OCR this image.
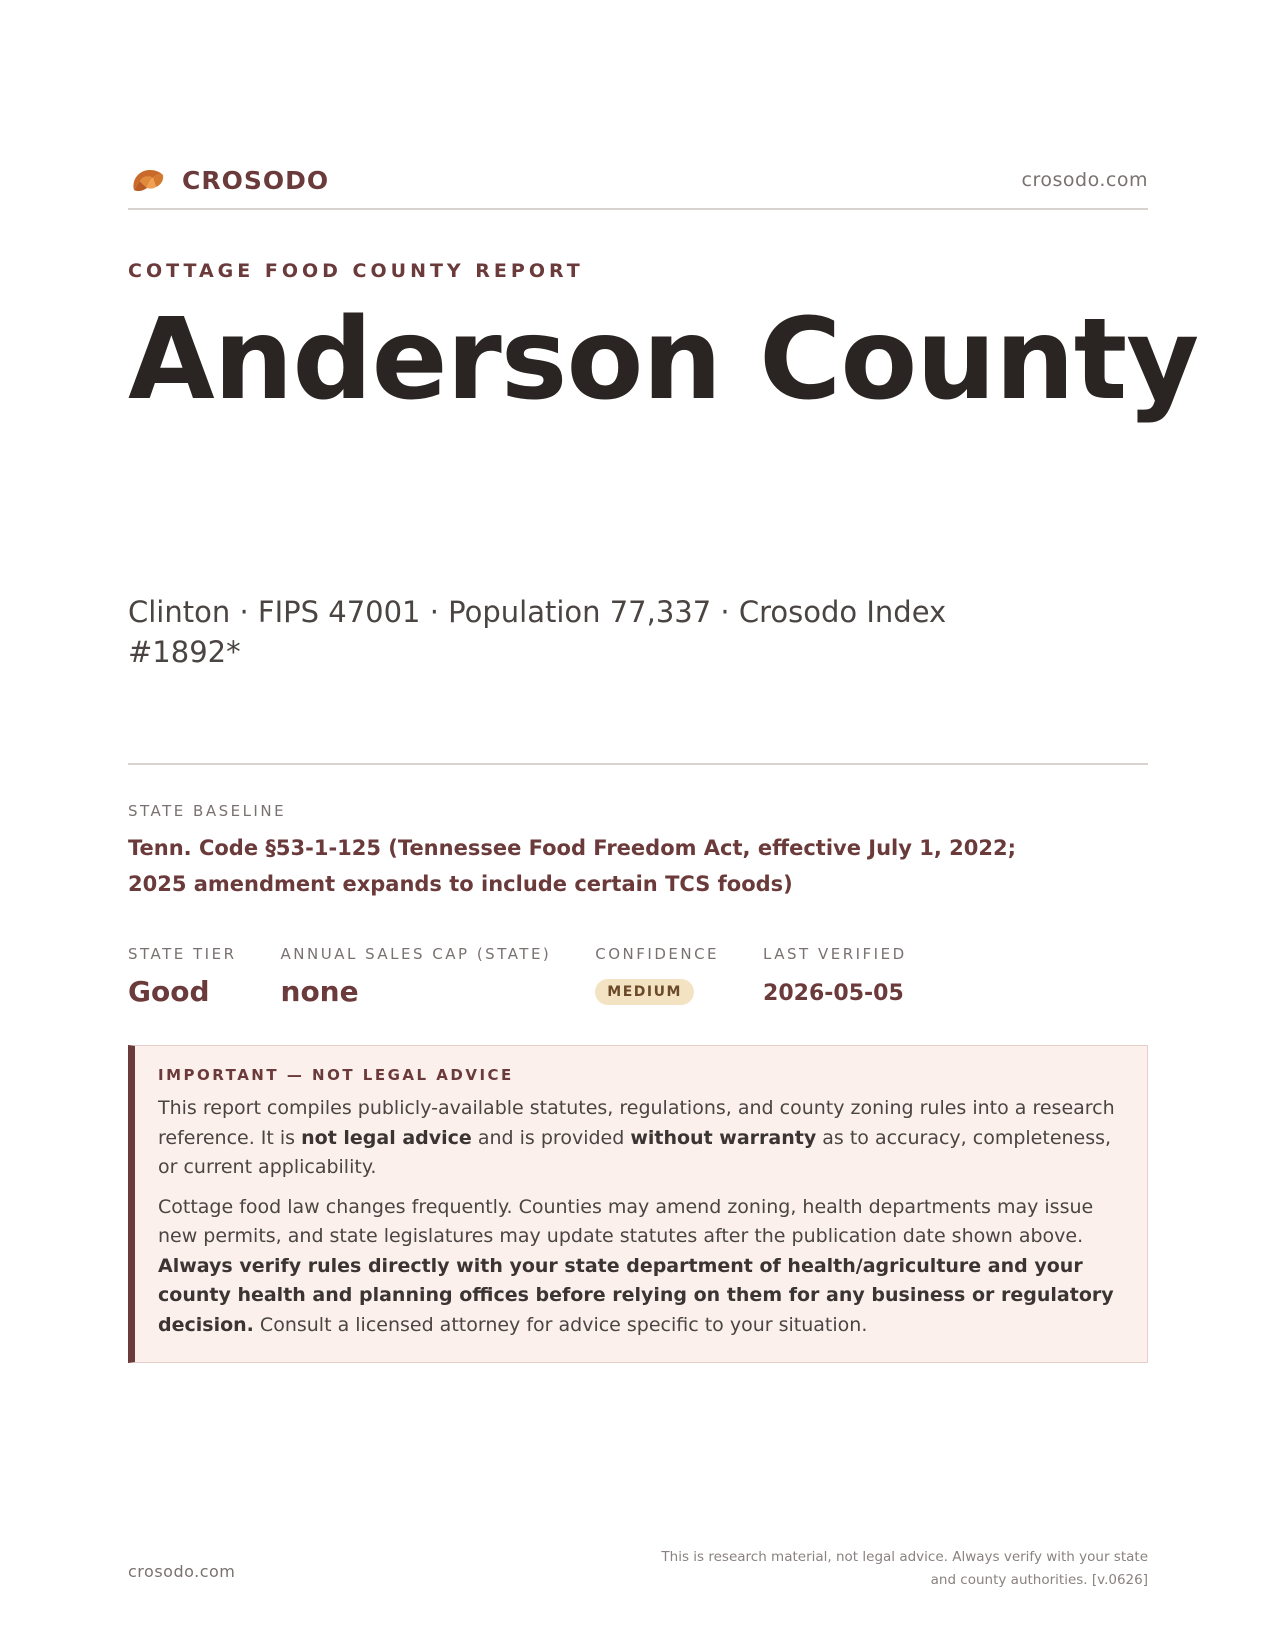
CROSODO	crosodo.com
COTTAGE FOOD COUNTY REPORT
Anderson County
Clinton · FIPS 47001 · Population 77,337 · Crosodo Index #1892*
STATE BASELINE
Tenn. Code §53-1-125 (Tennessee Food Freedom Act, effective July 1, 2022; 2025 amendment expands to include certain TCS foods)
STATE TIER
Good
ANNUAL SALES CAP (STATE)
none
CONFIDENCE
MEDIUM
LAST VERIFIED
2026-05-05
IMPORTANT — NOT LEGAL ADVICE

This report compiles publicly-available statutes, regulations, and county zoning rules into a research reference. It is not legal advice and is provided without warranty as to accuracy, completeness, or current applicability.

Cottage food law changes frequently. Counties may amend zoning, health departments may issue new permits, and state legislatures may update statutes after the publication date shown above. Always verify rules directly with your state department of health/agriculture and your county health and planning offices before relying on them for any business or regulatory decision. Consult a licensed attorney for advice specific to your situation.

crosodo.com
This is research material, not legal advice. Always verify with your state
and county authorities. [v.0626]
